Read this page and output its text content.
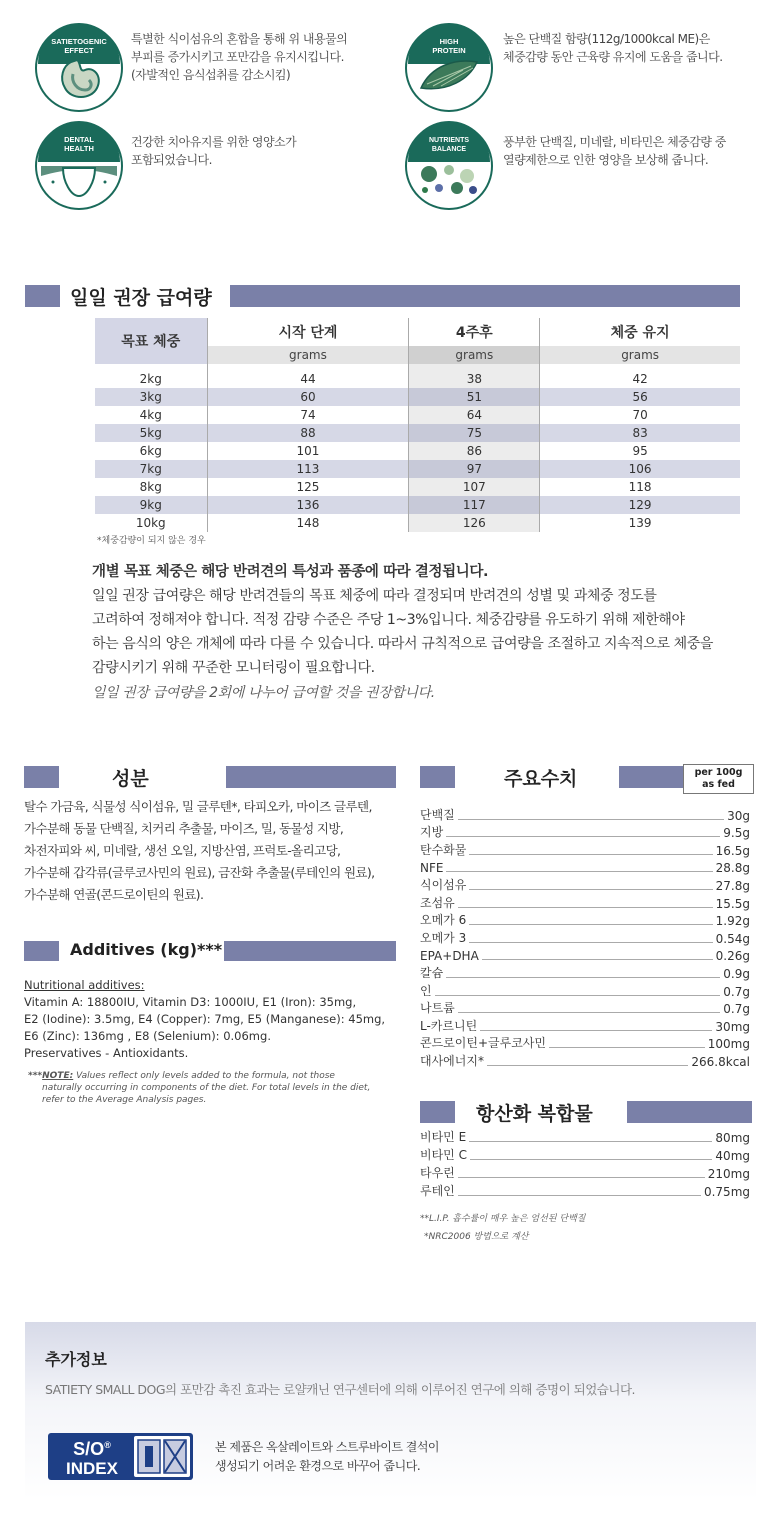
SATIETOGENIC
EFFECT
특별한 식이섬유의 혼합을 통해 위 내용물의
부피를 증가시키고 포만감을 유지시킵니다.
(자발적인 음식섭취를 감소시킴)
HIGH
PROTEIN
높은 단백질 함량(112g/1000kcal ME)은
체중감량 동안 근육량 유지에 도움을 줍니다.
DENTAL
HEALTH	건강한 치아유지를 위한 영양소가
포함되었습니다.
NUTRIENTS
BALANCE
풍부한 단백질, 미네랄, 비타민은 체중감량 중
열량제한으로 인한 영양을 보상해 줍니다.
일일 권장 급여량
목표 체중	시작 단계	4주후	체중 유지
	grams	grams	grams

2kg	44	38	42
3kg	60	51	56
4kg	74	64	70
5kg	88	75	83
6kg	101	86	95
7kg	113	97	106
8kg	125	107	118
9kg	136	117	129
10kg	148	126	139
*체중감량이 되지 않은 경우
개별 목표 체중은 해당 반려견의 특성과 품종에 따라 결정됩니다.
일일 권장 급여량은 해당 반려견들의 목표 체중에 따라 결정되며 반려견의 성별 및 과체중 정도를
고려하여 정해져야 합니다. 적정 감량 수준은 주당 1~3%입니다. 체중감량를 유도하기 위해 제한해야
하는 음식의 양은 개체에 따라 다를 수 있습니다. 따라서 규칙적으로 급여량을 조절하고 지속적으로 체중을
감량시키기 위해 꾸준한 모니터링이 필요합니다.
일일 권장 급여량을 2회에 나누어 급여할 것을 권장합니다.
성분
탈수 가금육, 식물성 식이섬유, 밀 글루텐*, 타피오카, 마이즈 글루텐,
가수분해 동물 단백질, 치커리 추출물, 마이즈, 밀, 동물성 지방,
차전자피와 씨, 미네랄, 생선 오일, 지방산염, 프럭토-올리고당,
가수분해 갑각류(글루코사민의 원료), 금잔화 추출물(루테인의 원료),
가수분해 연골(콘드로이틴의 원료).
Additives (kg)***
Nutritional additives:
Vitamin A: 18800IU, Vitamin D3: 1000IU, E1 (Iron): 35mg,
E2 (Iodine): 3.5mg, E4 (Copper): 7mg, E5 (Manganese): 45mg,
E6 (Zinc): 136mg , E8 (Selenium): 0.06mg.
Preservatives - Antioxidants.
***NOTE: Values reflect only levels added to the formula, not those
naturally occurring in components of the diet. For total levels in the diet,
refer to the Average Analysis pages.
주요수치	per 100g
as fed
단백질	30g
지방	9.5g
탄수화물	16.5g
NFE	28.8g
식이섬유	27.8g
조섬유	15.5g
오메가 6	1.92g
오메가 3	0.54g
EPA+DHA	0.26g
칼슘	0.9g
인	0.7g
나트륨	0.7g
L-카르니틴	30mg
콘드로이틴+글루코사민	100mg
대사에너지*	266.8kcal
항산화 복합물
비타민 E	80mg
비타민 C	40mg
타우린	210mg
루테인	0.75mg
**L.I.P. 흡수률이 매우 높은 엄선된 단백질
*NRC2006 방법으로 계산
추가정보
SATIETY SMALL DOG의 포만감 촉진 효과는 로얄캐닌 연구센터에 의해 이루어진 연구에 의해 증명이 되었습니다.
S/O®
INDEX
본 제품은 옥살레이트와 스트루바이트 결석이
생성되기 어려운 환경으로 바꾸어 줍니다.
